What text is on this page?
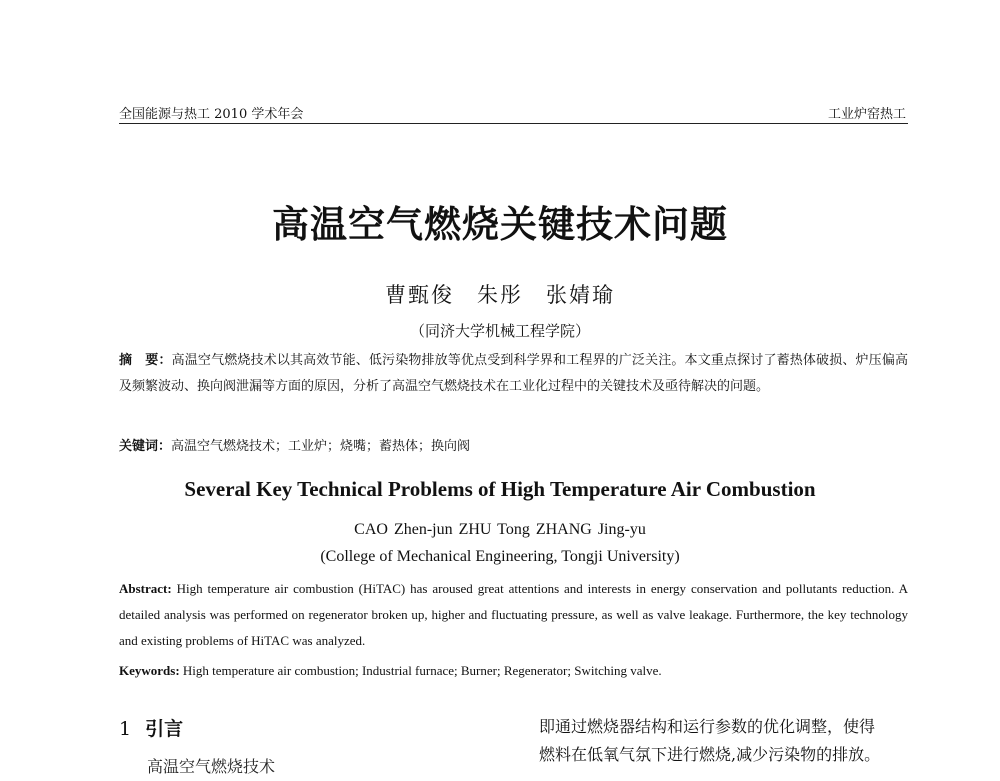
全国能源与热工 2010 学术年会	工业炉窑热工
高温空气燃烧关键技术问题
曹甄俊　朱彤　张婧瑜
（同济大学机械工程学院）
摘　要：高温空气燃烧技术以其高效节能、低污染物排放等优点受到科学界和工程界的广泛关注。本文重点探讨了蓄热体破损、炉压偏高及频繁波动、换向阀泄漏等方面的原因，分析了高温空气燃烧技术在工业化过程中的关键技术及亟待解决的问题。
关键词：高温空气燃烧技术；工业炉；烧嘴；蓄热体；换向阀
Several Key Technical Problems of High Temperature Air Combustion
CAO Zhen-jun ZHU Tong ZHANG Jing-yu
(College of Mechanical Engineering, Tongji University)
Abstract: High temperature air combustion (HiTAC) has aroused great attentions and interests in energy conservation and pollutants reduction. A detailed analysis was performed on regenerator broken up, higher and fluctuating pressure, as well as valve leakage. Furthermore, the key technology and existing problems of HiTAC was analyzed.
Keywords: High temperature air combustion; Industrial furnace; Burner; Regenerator; Switching valve.
1 引言	即通过燃烧器结构和运行参数的优化调整，使得
燃料在低氧气氛下进行燃烧,减少污染物的排放。
高温空气燃烧技术
